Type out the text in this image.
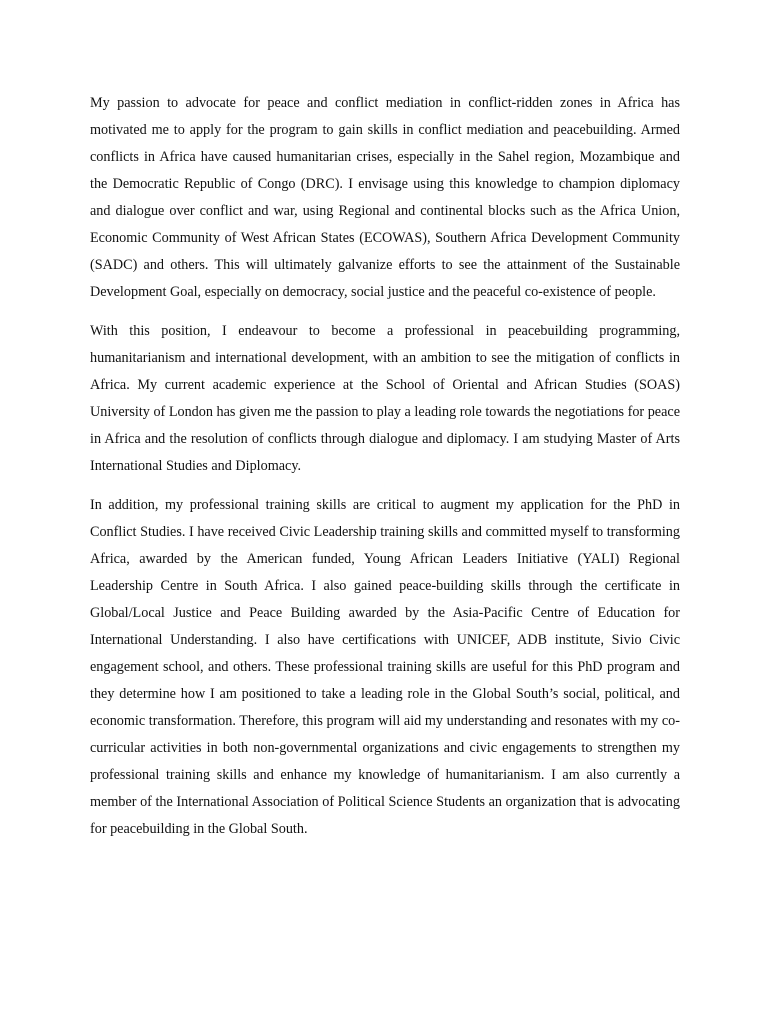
My passion to advocate for peace and conflict mediation in conflict-ridden zones in Africa has motivated me to apply for the program to gain skills in conflict mediation and peacebuilding. Armed conflicts in Africa have caused humanitarian crises, especially in the Sahel region, Mozambique and the Democratic Republic of Congo (DRC). I envisage using this knowledge to champion diplomacy and dialogue over conflict and war, using Regional and continental blocks such as the Africa Union, Economic Community of West African States (ECOWAS), Southern Africa Development Community (SADC) and others. This will ultimately galvanize efforts to see the attainment of the Sustainable Development Goal, especially on democracy, social justice and the peaceful co-existence of people.

With this position, I endeavour to become a professional in peacebuilding programming, humanitarianism and international development, with an ambition to see the mitigation of conflicts in Africa. My current academic experience at the School of Oriental and African Studies (SOAS) University of London has given me the passion to play a leading role towards the negotiations for peace in Africa and the resolution of conflicts through dialogue and diplomacy. I am studying Master of Arts International Studies and Diplomacy.

In addition, my professional training skills are critical to augment my application for the PhD in Conflict Studies. I have received Civic Leadership training skills and committed myself to transforming Africa, awarded by the American funded, Young African Leaders Initiative (YALI) Regional Leadership Centre in South Africa. I also gained peace-building skills through the certificate in Global/Local Justice and Peace Building awarded by the Asia-Pacific Centre of Education for International Understanding. I also have certifications with UNICEF, ADB institute, Sivio Civic engagement school, and others. These professional training skills are useful for this PhD program and they determine how I am positioned to take a leading role in the Global South’s social, political, and economic transformation. Therefore, this program will aid my understanding and resonates with my co-curricular activities in both non-governmental organizations and civic engagements to strengthen my professional training skills and enhance my knowledge of humanitarianism. I am also currently a member of the International Association of Political Science Students an organization that is advocating for peacebuilding in the Global South.
